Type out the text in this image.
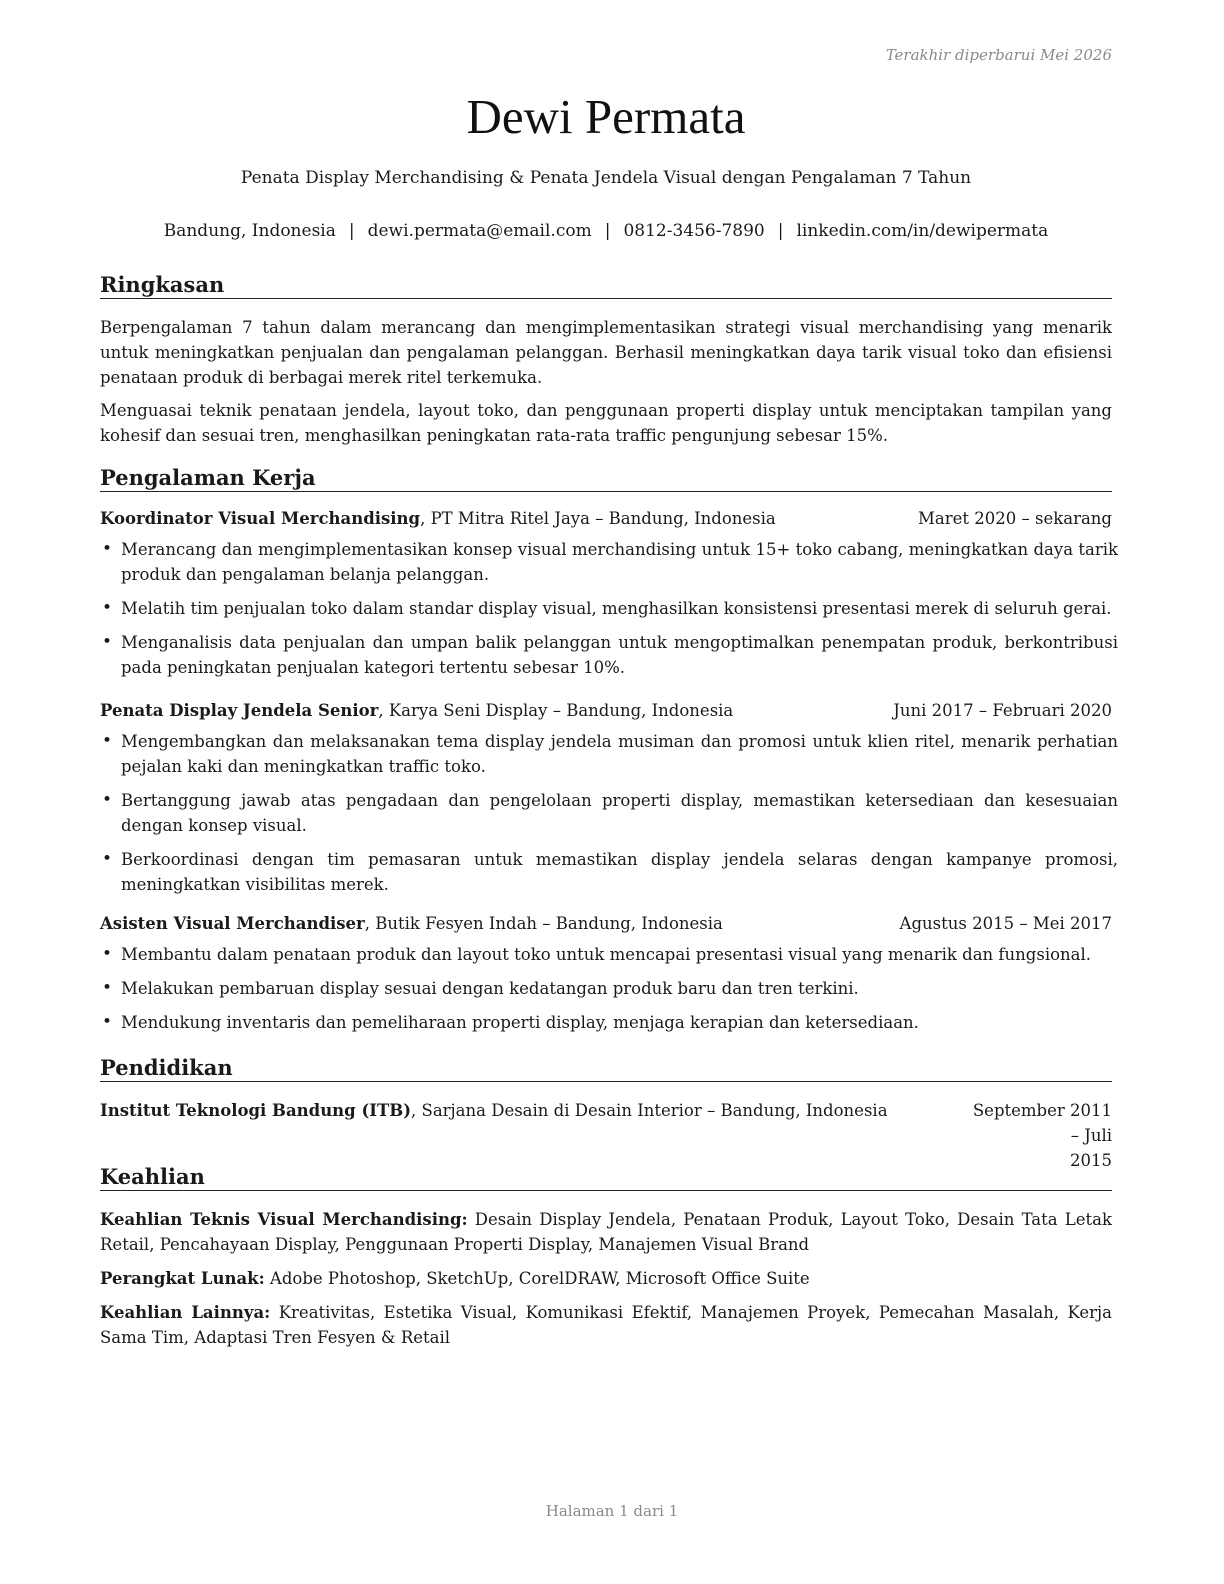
Terakhir diperbarui Mei 2026
Dewi Permata
Penata Display Merchandising & Penata Jendela Visual dengan Pengalaman 7 Tahun
Bandung, Indonesia | dewi.permata@email.com | 0812-3456-7890 | linkedin.com/in/dewipermata
Ringkasan

Berpengalaman 7 tahun dalam merancang dan mengimplementasikan strategi visual merchandising yang menarik untuk meningkatkan penjualan dan pengalaman pelanggan. Berhasil meningkatkan daya tarik visual toko dan efisiensi penataan produk di berbagai merek ritel terkemuka.

Menguasai teknik penataan jendela, layout toko, dan penggunaan properti display untuk menciptakan tampilan yang kohesif dan sesuai tren, menghasilkan peningkatan rata-rata traffic pengunjung sebesar 15%.

Pengalaman Kerja
Koordinator Visual Merchandising, PT Mitra Ritel Jaya – Bandung, Indonesia	Maret 2020 – sekarang
• Merancang dan mengimplementasikan konsep visual merchandising untuk 15+ toko cabang, meningkatkan daya tarik produk dan pengalaman belanja pelanggan.
• Melatih tim penjualan toko dalam standar display visual, menghasilkan konsistensi presentasi merek di seluruh gerai.
• Menganalisis data penjualan dan umpan balik pelanggan untuk mengoptimalkan penempatan produk, berkontribusi pada peningkatan penjualan kategori tertentu sebesar 10%.
Penata Display Jendela Senior, Karya Seni Display – Bandung, Indonesia	Juni 2017 – Februari 2020
• Mengembangkan dan melaksanakan tema display jendela musiman dan promosi untuk klien ritel, menarik perhatian pejalan kaki dan meningkatkan traffic toko.
• Bertanggung jawab atas pengadaan dan pengelolaan properti display, memastikan ketersediaan dan kesesuaian dengan konsep visual.
• Berkoordinasi dengan tim pemasaran untuk memastikan display jendela selaras dengan kampanye promosi, meningkatkan visibilitas merek.
Asisten Visual Merchandiser, Butik Fesyen Indah – Bandung, Indonesia	Agustus 2015 – Mei 2017
• Membantu dalam penataan produk dan layout toko untuk mencapai presentasi visual yang menarik dan fungsional.
• Melakukan pembaruan display sesuai dengan kedatangan produk baru dan tren terkini.
• Mendukung inventaris dan pemeliharaan properti display, menjaga kerapian dan ketersediaan.
Pendidikan
Institut Teknologi Bandung (ITB), Sarjana Desain di Desain Interior – Bandung, Indonesia	September 2011 – Juli
2015
Keahlian

Keahlian Teknis Visual Merchandising: Desain Display Jendela, Penataan Produk, Layout Toko, Desain Tata Letak Retail, Pencahayaan Display, Penggunaan Properti Display, Manajemen Visual Brand

Perangkat Lunak: Adobe Photoshop, SketchUp, CorelDRAW, Microsoft Office Suite

Keahlian Lainnya: Kreativitas, Estetika Visual, Komunikasi Efektif, Manajemen Proyek, Pemecahan Masalah, Kerja Sama Tim, Adaptasi Tren Fesyen & Retail

Halaman 1 dari 1
